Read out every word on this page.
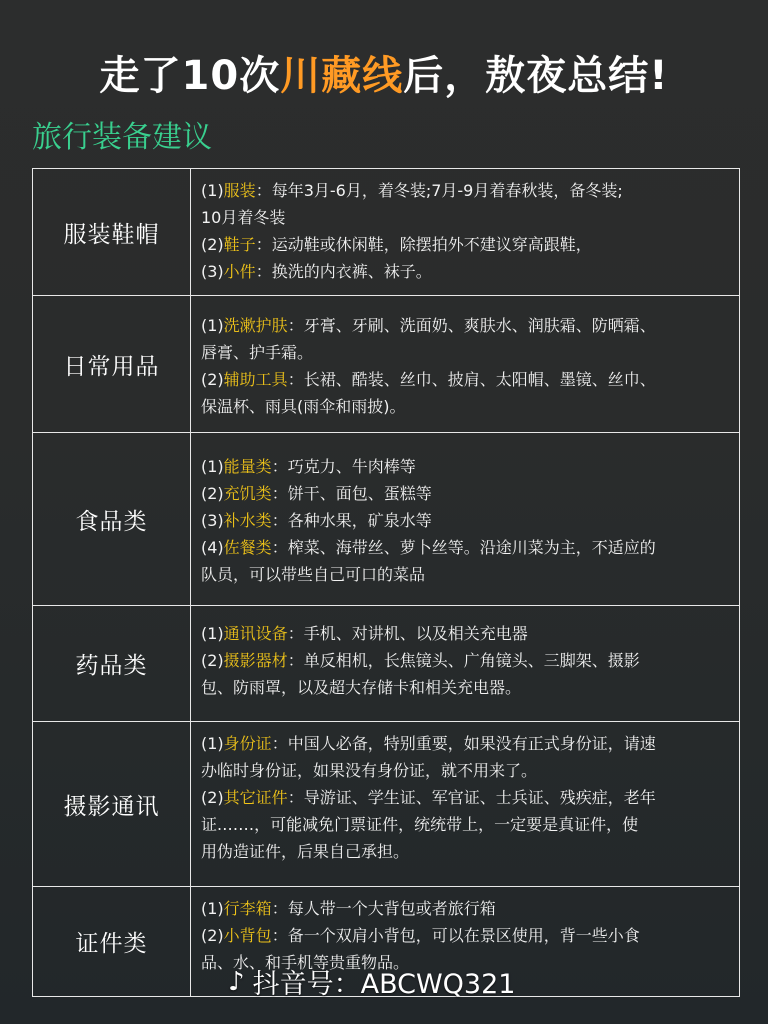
走了10次川藏线后，敖夜总结!
旅行装备建议
服装鞋帽
(1)服装：每年3月-6月，着冬装;7月-9月着春秋装，备冬装;
10月着冬装
(2)鞋子：运动鞋或休闲鞋，除摆拍外不建议穿高跟鞋，
(3)小件：换洗的内衣裤、袜子。
日常用品
(1)洗漱护肤：牙膏、牙刷、洗面奶、爽肤水、润肤霜、防晒霜、
唇膏、护手霜。
(2)辅助工具：长裙、酷装、丝巾、披肩、太阳帽、墨镜、丝巾、
保温杯、雨具(雨伞和雨披)。
食品类
(1)能量类：巧克力、牛肉棒等
(2)充饥类：饼干、面包、蛋糕等
(3)补水类：各种水果，矿泉水等
(4)佐餐类：榨菜、海带丝、萝卜丝等。沿途川菜为主，不适应的
队员，可以带些自己可口的菜品
药品类
(1)通讯设备：手机、对讲机、以及相关充电器
(2)摄影器材：单反相机，长焦镜头、广角镜头、三脚架、摄影
包、防雨罩，以及超大存储卡和相关充电器。
摄影通讯
(1)身份证：中国人必备，特别重要，如果没有正式身份证，请速
办临时身份证，如果没有身份证，就不用来了。
(2)其它证件：导游证、学生证、军官证、士兵证、残疾症，老年
证.……，可能减免门票证件，统统带上，一定要是真证件，使
用伪造证件，后果自己承担。
证件类
(1)行李箱：每人带一个大背包或者旅行箱
(2)小背包：备一个双肩小背包，可以在景区使用，背一些小食
品、水、和手机等贵重物品。
♪ 抖音号：ABCWQ321
